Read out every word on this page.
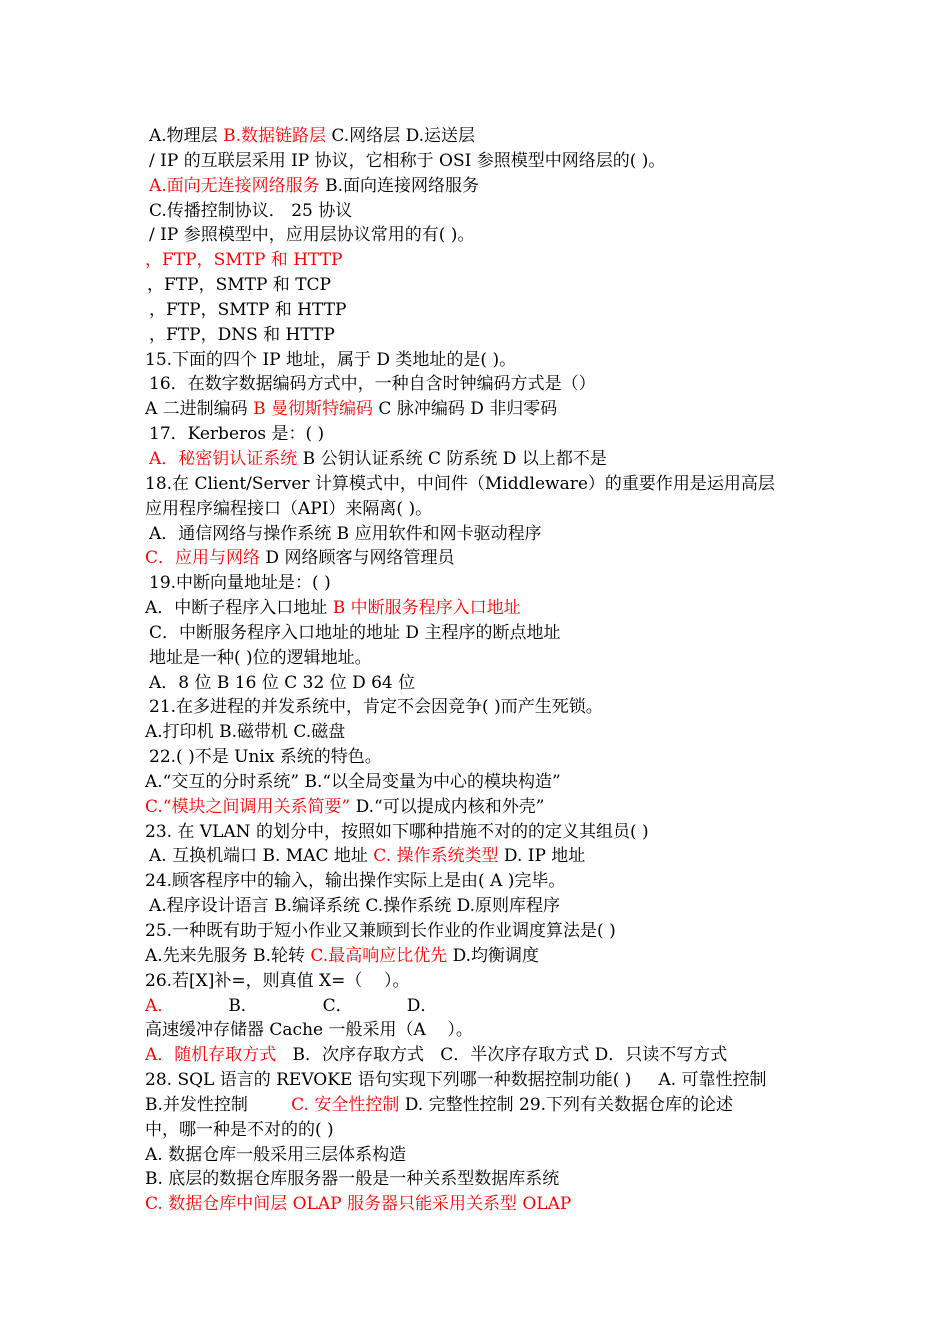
A.物理层 B.数据链路层 C.网络层 D.运送层
/ IP 的互联层采用 IP 协议，它相称于 OSI 参照模型中网络层的( )。
A.面向无连接网络服务 B.面向连接网络服务
C.传播控制协议． 25 协议
/ IP 参照模型中，应用层协议常用的有( )。
，FTP，SMTP 和 HTTP
，FTP，SMTP 和 TCP
，FTP，SMTP 和 HTTP
，FTP，DNS 和 HTTP
15.下面的四个 IP 地址，属于 D 类地址的是( )。
16．在数字数据编码方式中，一种自含时钟编码方式是（）
A 二进制编码 B 曼彻斯特编码 C 脉冲编码 D 非归零码
17．Kerberos 是：( )
A．秘密钥认证系统 B 公钥认证系统 C 防系统 D 以上都不是
18.在 Client/Server 计算模式中，中间件（Middleware）的重要作用是运用高层
应用程序编程接口（API）来隔离( )。
A．通信网络与操作系统 B 应用软件和网卡驱动程序
C．应用与网络 D 网络顾客与网络管理员
19.中断向量地址是：( )
A．中断子程序入口地址 B 中断服务程序入口地址
C．中断服务程序入口地址的地址 D 主程序的断点地址
地址是一种( )位的逻辑地址。
A．8 位 B 16 位 C 32 位 D 64 位
21.在多进程的并发系统中，肯定不会因竞争( )而产生死锁。
A.打印机 B.磁带机 C.磁盘
22.( )不是 Unix 系统的特色。
A.“交互的分时系统” B.“以全局变量为中心的模块构造”
C.“模块之间调用关系简要” D.“可以提成内核和外壳”
23. 在 VLAN 的划分中，按照如下哪种措施不对的的定义其组员( )
A. 互换机端口 B. MAC 地址 C. 操作系统类型 D. IP 地址
24.顾客程序中的输入，输出操作实际上是由( A )完毕。
A.程序设计语言 B.编译系统 C.操作系统 D.原则库程序
25.一种既有助于短小作业又兼顾到长作业的作业调度算法是( )
A.先来先服务 B.轮转 C.最高响应比优先 D.均衡调度
26.若[X]补=，则真值 X=（    ）。
A．          B．            C．          D．
高速缓冲存储器 Cache 一般采用（A    ）。
A．随机存取方式   B．次序存取方式   C．半次序存取方式 D．只读不写方式
28. SQL 语言的 REVOKE 语句实现下列哪一种数据控制功能( )     A. 可靠性控制
B.并发性控制        C. 安全性控制 D. 完整性控制 29.下列有关数据仓库的论述
中，哪一种是不对的的( )
A. 数据仓库一般采用三层体系构造
B. 底层的数据仓库服务器一般是一种关系型数据库系统
C. 数据仓库中间层 OLAP 服务器只能采用关系型 OLAP
